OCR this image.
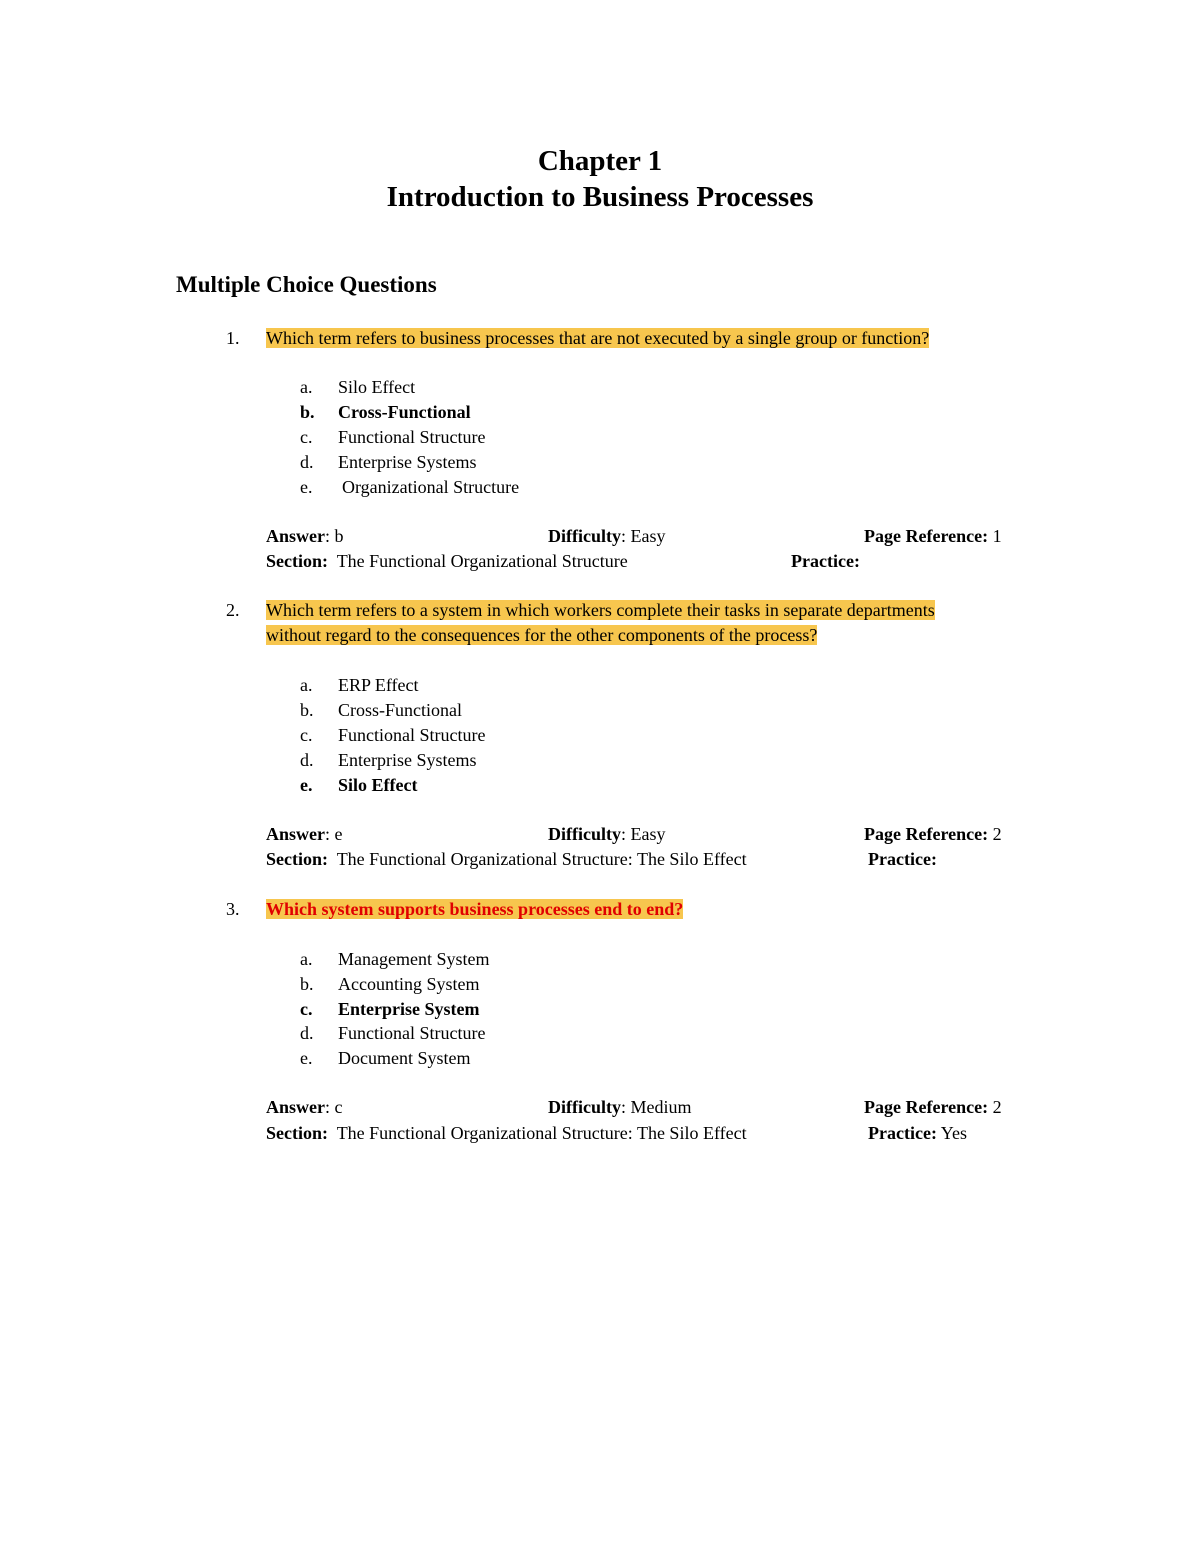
Chapter 1
Introduction to Business Processes
Multiple Choice Questions
1. Which term refers to business processes that are not executed by a single group or function?
a. Silo Effect
b. Cross-Functional
c. Functional Structure
d. Enterprise Systems
e. Organizational Structure
Answer: b	Difficulty: Easy	Page Reference: 1
Section: The Functional Organizational Structure	Practice:
2. Which term refers to a system in which workers complete their tasks in separate departments
without regard to the consequences for the other components of the process?
a. ERP Effect
b. Cross-Functional
c. Functional Structure
d. Enterprise Systems
e. Silo Effect
Answer: e	Difficulty: Easy	Page Reference: 2
Section: The Functional Organizational Structure: The Silo Effect	Practice:
3. Which system supports business processes end to end?
a. Management System
b. Accounting System
c. Enterprise System
d. Functional Structure
e. Document System
Answer: c	Difficulty: Medium	Page Reference: 2
Section: The Functional Organizational Structure: The Silo Effect	Practice: Yes
